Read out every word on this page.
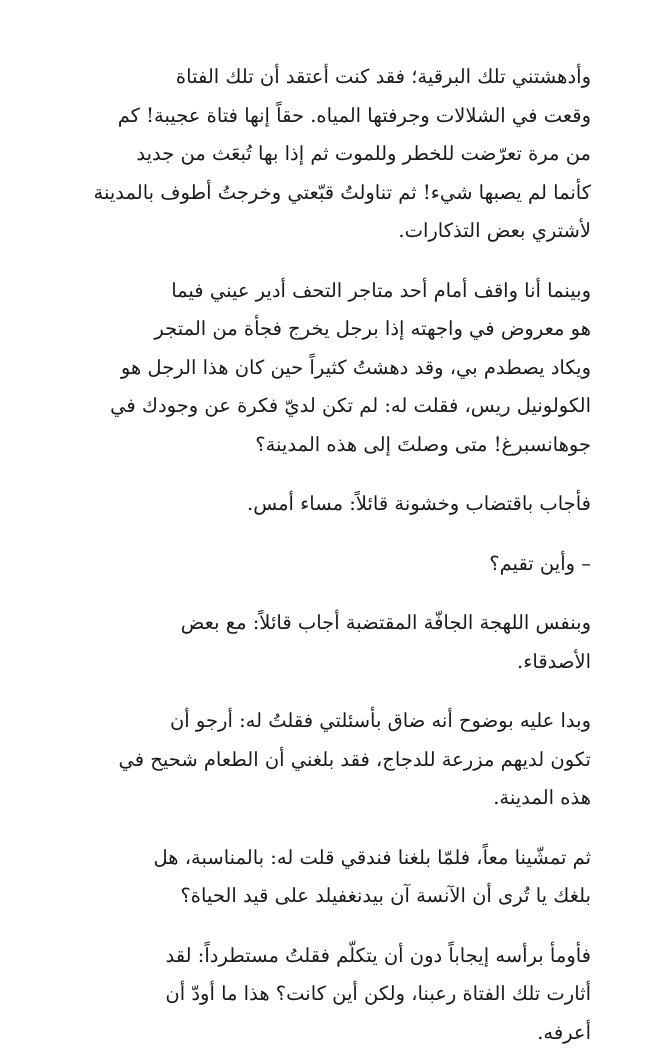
وأدهشتني تلك البرقية؛ فقد كنت أعتقد أن تلك الفتاة
وقعت في الشلالات وجرفتها المياه. حقاً إنها فتاة عجيبة! كم
من مرة تعرّضت للخطر وللموت ثم إذا بها تُبعَث من جديد
كأنما لم يصبها شيء! ثم تناولتُ قبّعتي وخرجتُ أطوف بالمدينة
لأشتري بعض التذكارات.

وبينما أنا واقف أمام أحد متاجر التحف أدير عيني فيما
هو معروض في واجهته إذا برجل يخرج فجأة من المتجر
ويكاد يصطدم بي، وقد دهشتُ كثيراً حين كان هذا الرجل هو
الكولونيل ريس، فقلت له: لم تكن لديّ فكرة عن وجودك في
جوهانسبرغ! متى وصلتَ إلى هذه المدينة؟

فأجاب باقتضاب وخشونة قائلاً: مساء أمس.

– وأين تقيم؟

وبنفس اللهجة الجافّة المقتضبة أجاب قائلاً: مع بعض
الأصدقاء.

وبدا عليه بوضوح أنه ضاق بأسئلتي فقلتُ له: أرجو أن
تكون لديهم مزرعة للدجاج، فقد بلغني أن الطعام شحيح في
هذه المدينة.

ثم تمشّينا معاً، فلمّا بلغنا فندقي قلت له: بالمناسبة، هل
بلغك يا تُرى أن الآنسة آن بيدنغفيلد على قيد الحياة؟

فأومأ برأسه إيجاباً دون أن يتكلّم فقلتُ مستطرداً: لقد
أثارت تلك الفتاة رعبنا، ولكن أين كانت؟ هذا ما أودّ أن
أعرفه.
